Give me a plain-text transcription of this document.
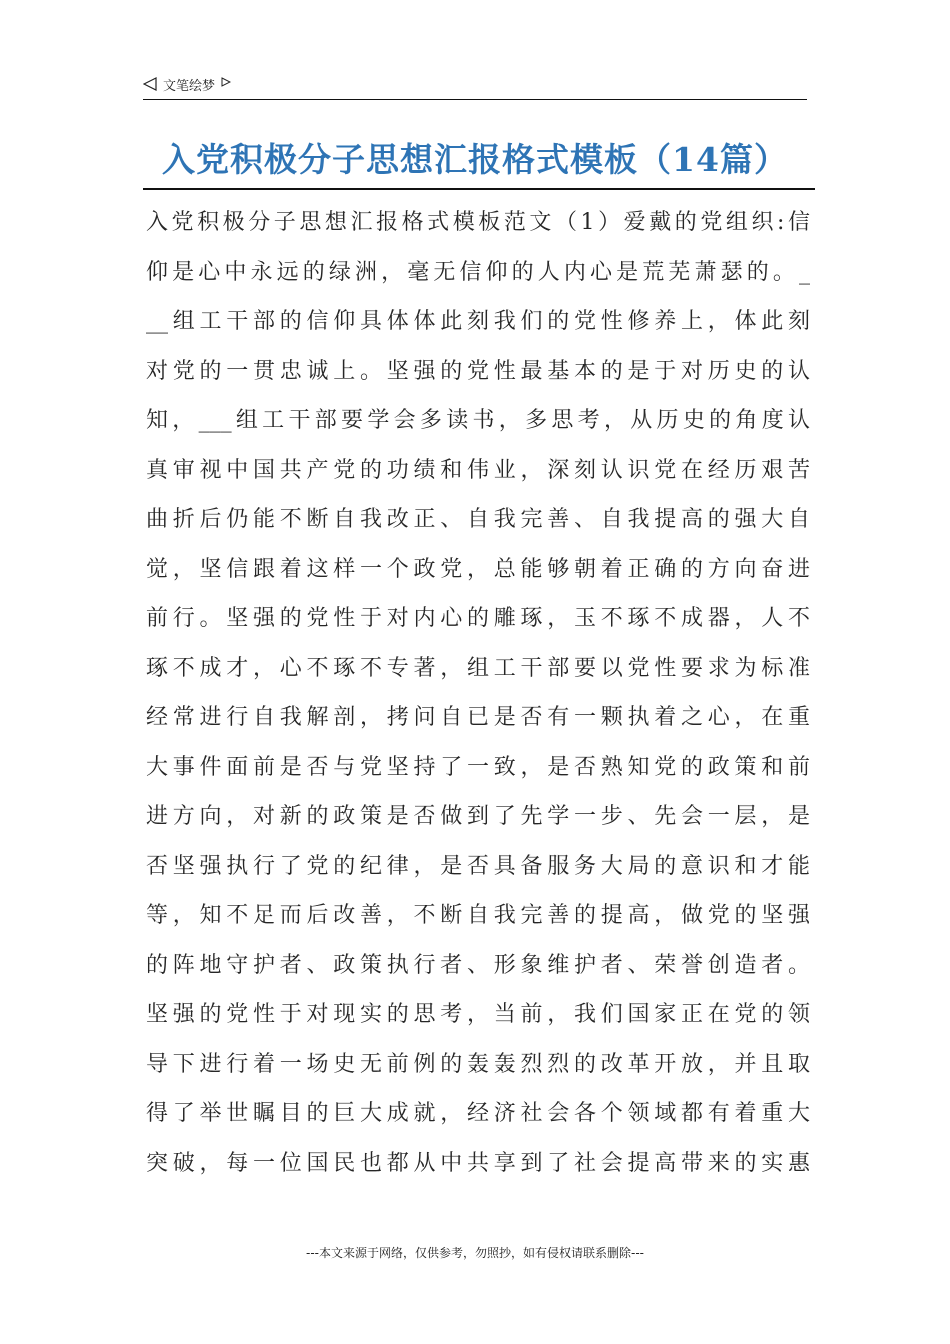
文笔绘梦
入党积极分子思想汇报格式模板（14篇）
入党积极分子思想汇报格式模板范文（1）爱戴的党组织:信
仰是心中永远的绿洲，毫无信仰的人内心是荒芜萧瑟的。_
__组工干部的信仰具体体此刻我们的党性修养上，体此刻
对党的一贯忠诚上。坚强的党性最基本的是于对历史的认
知，___组工干部要学会多读书，多思考，从历史的角度认
真审视中国共产党的功绩和伟业，深刻认识党在经历艰苦
曲折后仍能不断自我改正、自我完善、自我提高的强大自
觉，坚信跟着这样一个政党，总能够朝着正确的方向奋进
前行。坚强的党性于对内心的雕琢，玉不琢不成器，人不
琢不成才，心不琢不专著，组工干部要以党性要求为标准
经常进行自我解剖，拷问自已是否有一颗执着之心，在重
大事件面前是否与党坚持了一致，是否熟知党的政策和前
进方向，对新的政策是否做到了先学一步、先会一层，是
否坚强执行了党的纪律，是否具备服务大局的意识和才能
等，知不足而后改善，不断自我完善的提高，做党的坚强
的阵地守护者、政策执行者、形象维护者、荣誉创造者。
坚强的党性于对现实的思考，当前，我们国家正在党的领
导下进行着一场史无前例的轰轰烈烈的改革开放，并且取
得了举世瞩目的巨大成就，经济社会各个领域都有着重大
突破，每一位国民也都从中共享到了社会提高带来的实惠
---本文来源于网络，仅供参考，勿照抄，如有侵权请联系删除---
